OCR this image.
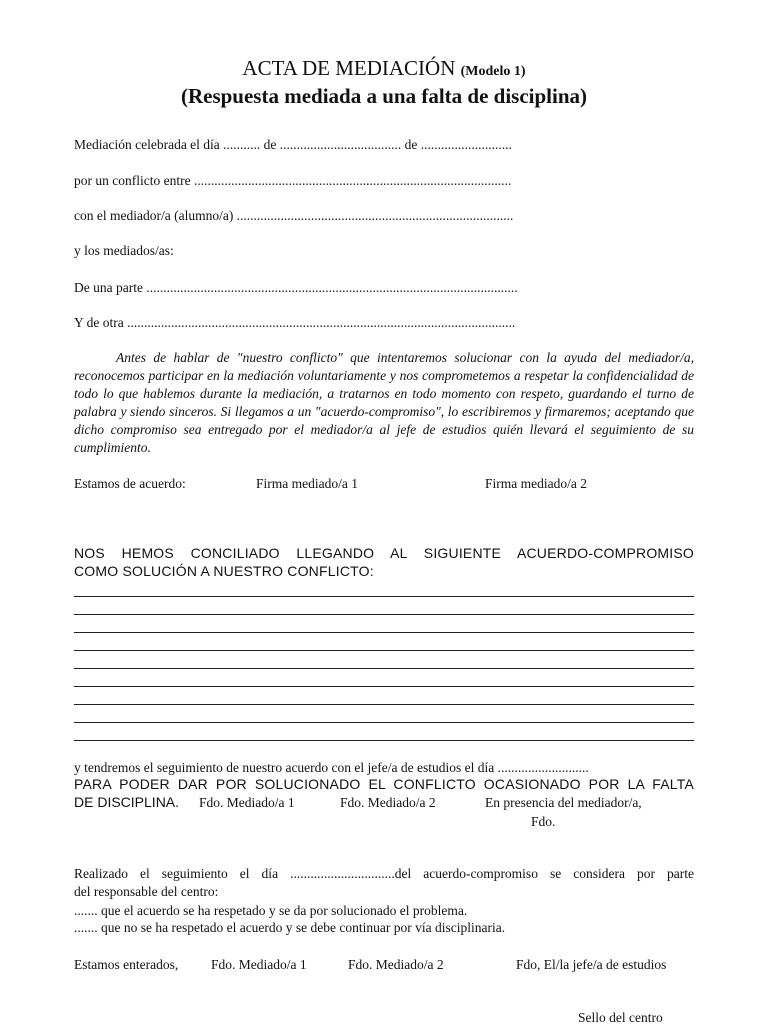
ACTA DE MEDIACIÓN (Modelo 1)
(Respuesta mediada a una falta de disciplina)
Mediación celebrada el día ........... de .................................... de ...........................
por un conflicto entre ..............................................................................................
con el mediador/a (alumno/a) ..................................................................................
y los mediados/as:
De una parte ..............................................................................................................
Y de otra ...................................................................................................................
Antes de hablar de "nuestro conflicto" que intentaremos solucionar con la ayuda del mediador/a, reconocemos participar en la mediación voluntariamente y nos comprometemos a respetar la confidencialidad de todo lo que hablemos durante la mediación, a tratarnos en todo momento con respeto, guardando el turno de palabra y siendo sinceros. Si llegamos a un "acuerdo-compromiso", lo escribiremos y firmaremos; aceptando que dicho compromiso sea entregado por el mediador/a al jefe de estudios quién llevará el seguimiento de su cumplimiento.
Estamos de acuerdo:	Firma mediado/a 1	Firma mediado/a 2
NOS HEMOS CONCILIADO LLEGANDO AL SIGUIENTE ACUERDO-COMPROMISO
COMO SOLUCIÓN A NUESTRO CONFLICTO:
y tendremos el seguimiento de nuestro acuerdo con el jefe/a de estudios el día ...........................
PARA PODER DAR POR SOLUCIONADO EL CONFLICTO OCASIONADO POR LA FALTA
DE DISCIPLINA. Fdo. Mediado/a 1	Fdo. Mediado/a 2	En presencia del mediador/a,
Fdo.
Realizado el seguimiento el día ...............................del acuerdo-compromiso se considera por parte
del responsable del centro:
....... que el acuerdo se ha respetado y se da por solucionado el problema.
....... que no se ha respetado el acuerdo y se debe continuar por vía disciplinaria.
Estamos enterados, Fdo. Mediado/a 1	Fdo. Mediado/a 2	Fdo, El/la jefe/a de estudios
Sello del centro
